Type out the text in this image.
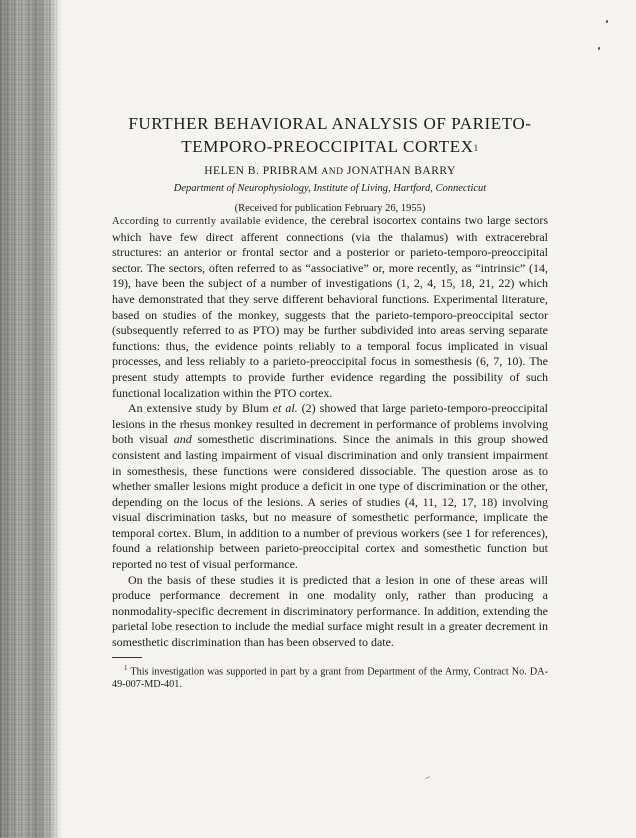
FURTHER BEHAVIORAL ANALYSIS OF PARIETO-
TEMPORO-PREOCCIPITAL CORTEX$^1$

HELEN B. PRIBRAM AND JONATHAN BARRY

Department of Neurophysiology, Institute of Living, Hartford, Connecticut

(Received for publication February 26, 1955)

According to currently available evidence, the cerebral isocortex contains two large sectors which have few direct afferent connections (via the thalamus) with extracerebral structures: an anterior or frontal sector and a posterior or parieto-temporo-preoccipital sector. The sectors, often referred to as “associative” or, more recently, as “intrinsic” (14, 19), have been the subject of a number of investigations (1, 2, 4, 15, 18, 21, 22) which have demonstrated that they serve different behavioral functions. Experimental literature, based on studies of the monkey, suggests that the parieto-temporo-preoccipital sector (subsequently referred to as PTO) may be further subdivided into areas serving separate functions: thus, the evidence points reliably to a temporal focus implicated in visual processes, and less reliably to a parieto-preoccipital focus in somesthesis (6, 7, 10). The present study attempts to provide further evidence regarding the possibility of such functional localization within the PTO cortex.

An extensive study by Blum et al. (2) showed that large parieto-temporo-preoccipital lesions in the rhesus monkey resulted in decrement in performance of problems involving both visual and somesthetic discriminations. Since the animals in this group showed consistent and lasting impairment of visual discrimination and only transient impairment in somesthesis, these functions were considered dissociable. The question arose as to whether smaller lesions might produce a deficit in one type of discrimination or the other, depending on the locus of the lesions. A series of studies (4, 11, 12, 17, 18) involving visual discrimination tasks, but no measure of somesthetic performance, implicate the temporal cortex. Blum, in addition to a number of previous workers (see 1 for references), found a relationship between parieto-preoccipital cortex and somesthetic function but reported no test of visual performance.

On the basis of these studies it is predicted that a lesion in one of these areas will produce performance decrement in one modality only, rather than producing a nonmodality-specific decrement in discriminatory performance. In addition, extending the parietal lobe resection to include the medial surface might result in a greater decrement in somesthetic discrimination than has been observed to date.

$^1$ This investigation was supported in part by a grant from Department of the Army, Contract No. DA-49-007-MD-401.

‒
